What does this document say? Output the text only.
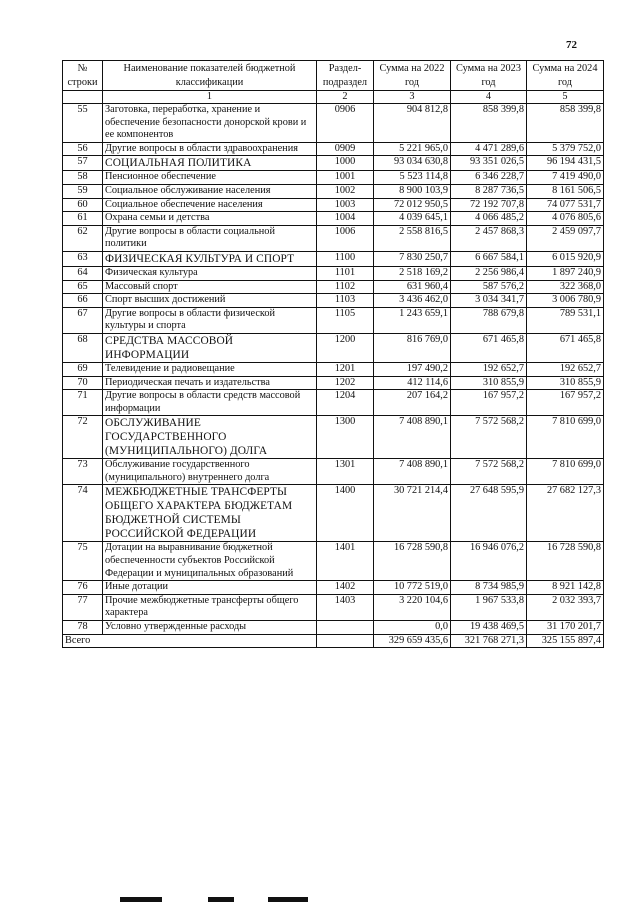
72
№ строки	Наименование показателей бюджетной классификации	Раздел-подраздел	Сумма на 2022 год	Сумма на 2023 год	Сумма на 2024 год
	1	2	3	4	5
55	Заготовка, переработка, хранение и обеспечение безопасности донорской крови и ее компонентов	0906	904 812,8	858 399,8	858 399,8
56	Другие вопросы в области здравоохранения	0909	5 221 965,0	4 471 289,6	5 379 752,0
57	СОЦИАЛЬНАЯ ПОЛИТИКА	1000	93 034 630,8	93 351 026,5	96 194 431,5
58	Пенсионное обеспечение	1001	5 523 114,8	6 346 228,7	7 419 490,0
59	Социальное обслуживание населения	1002	8 900 103,9	8 287 736,5	8 161 506,5
60	Социальное обеспечение населения	1003	72 012 950,5	72 192 707,8	74 077 531,7
61	Охрана семьи и детства	1004	4 039 645,1	4 066 485,2	4 076 805,6
62	Другие вопросы в области социальной политики	1006	2 558 816,5	2 457 868,3	2 459 097,7
63	ФИЗИЧЕСКАЯ КУЛЬТУРА И СПОРТ	1100	7 830 250,7	6 667 584,1	6 015 920,9
64	Физическая культура	1101	2 518 169,2	2 256 986,4	1 897 240,9
65	Массовый спорт	1102	631 960,4	587 576,2	322 368,0
66	Спорт высших достижений	1103	3 436 462,0	3 034 341,7	3 006 780,9
67	Другие вопросы в области физической культуры и спорта	1105	1 243 659,1	788 679,8	789 531,1
68	СРЕДСТВА МАССОВОЙ ИНФОРМАЦИИ	1200	816 769,0	671 465,8	671 465,8
69	Телевидение и радиовещание	1201	197 490,2	192 652,7	192 652,7
70	Периодическая печать и издательства	1202	412 114,6	310 855,9	310 855,9
71	Другие вопросы в области средств массовой информации	1204	207 164,2	167 957,2	167 957,2
72	ОБСЛУЖИВАНИЕ ГОСУДАРСТВЕННОГО (МУНИЦИПАЛЬНОГО) ДОЛГА	1300	7 408 890,1	7 572 568,2	7 810 699,0
73	Обслуживание государственного (муниципального) внутреннего долга	1301	7 408 890,1	7 572 568,2	7 810 699,0
74	МЕЖБЮДЖЕТНЫЕ ТРАНСФЕРТЫ ОБЩЕГО ХАРАКТЕРА БЮДЖЕТАМ БЮДЖЕТНОЙ СИСТЕМЫ РОССИЙСКОЙ ФЕДЕРАЦИИ	1400	30 721 214,4	27 648 595,9	27 682 127,3
75	Дотации на выравнивание бюджетной обеспеченности субъектов Российской Федерации и муниципальных образований	1401	16 728 590,8	16 946 076,2	16 728 590,8
76	Иные дотации	1402	10 772 519,0	8 734 985,9	8 921 142,8
77	Прочие межбюджетные трансферты общего характера	1403	3 220 104,6	1 967 533,8	2 032 393,7
78	Условно утвержденные расходы		0,0	19 438 469,5	31 170 201,7
Всего			329 659 435,6	321 768 271,3	325 155 897,4
